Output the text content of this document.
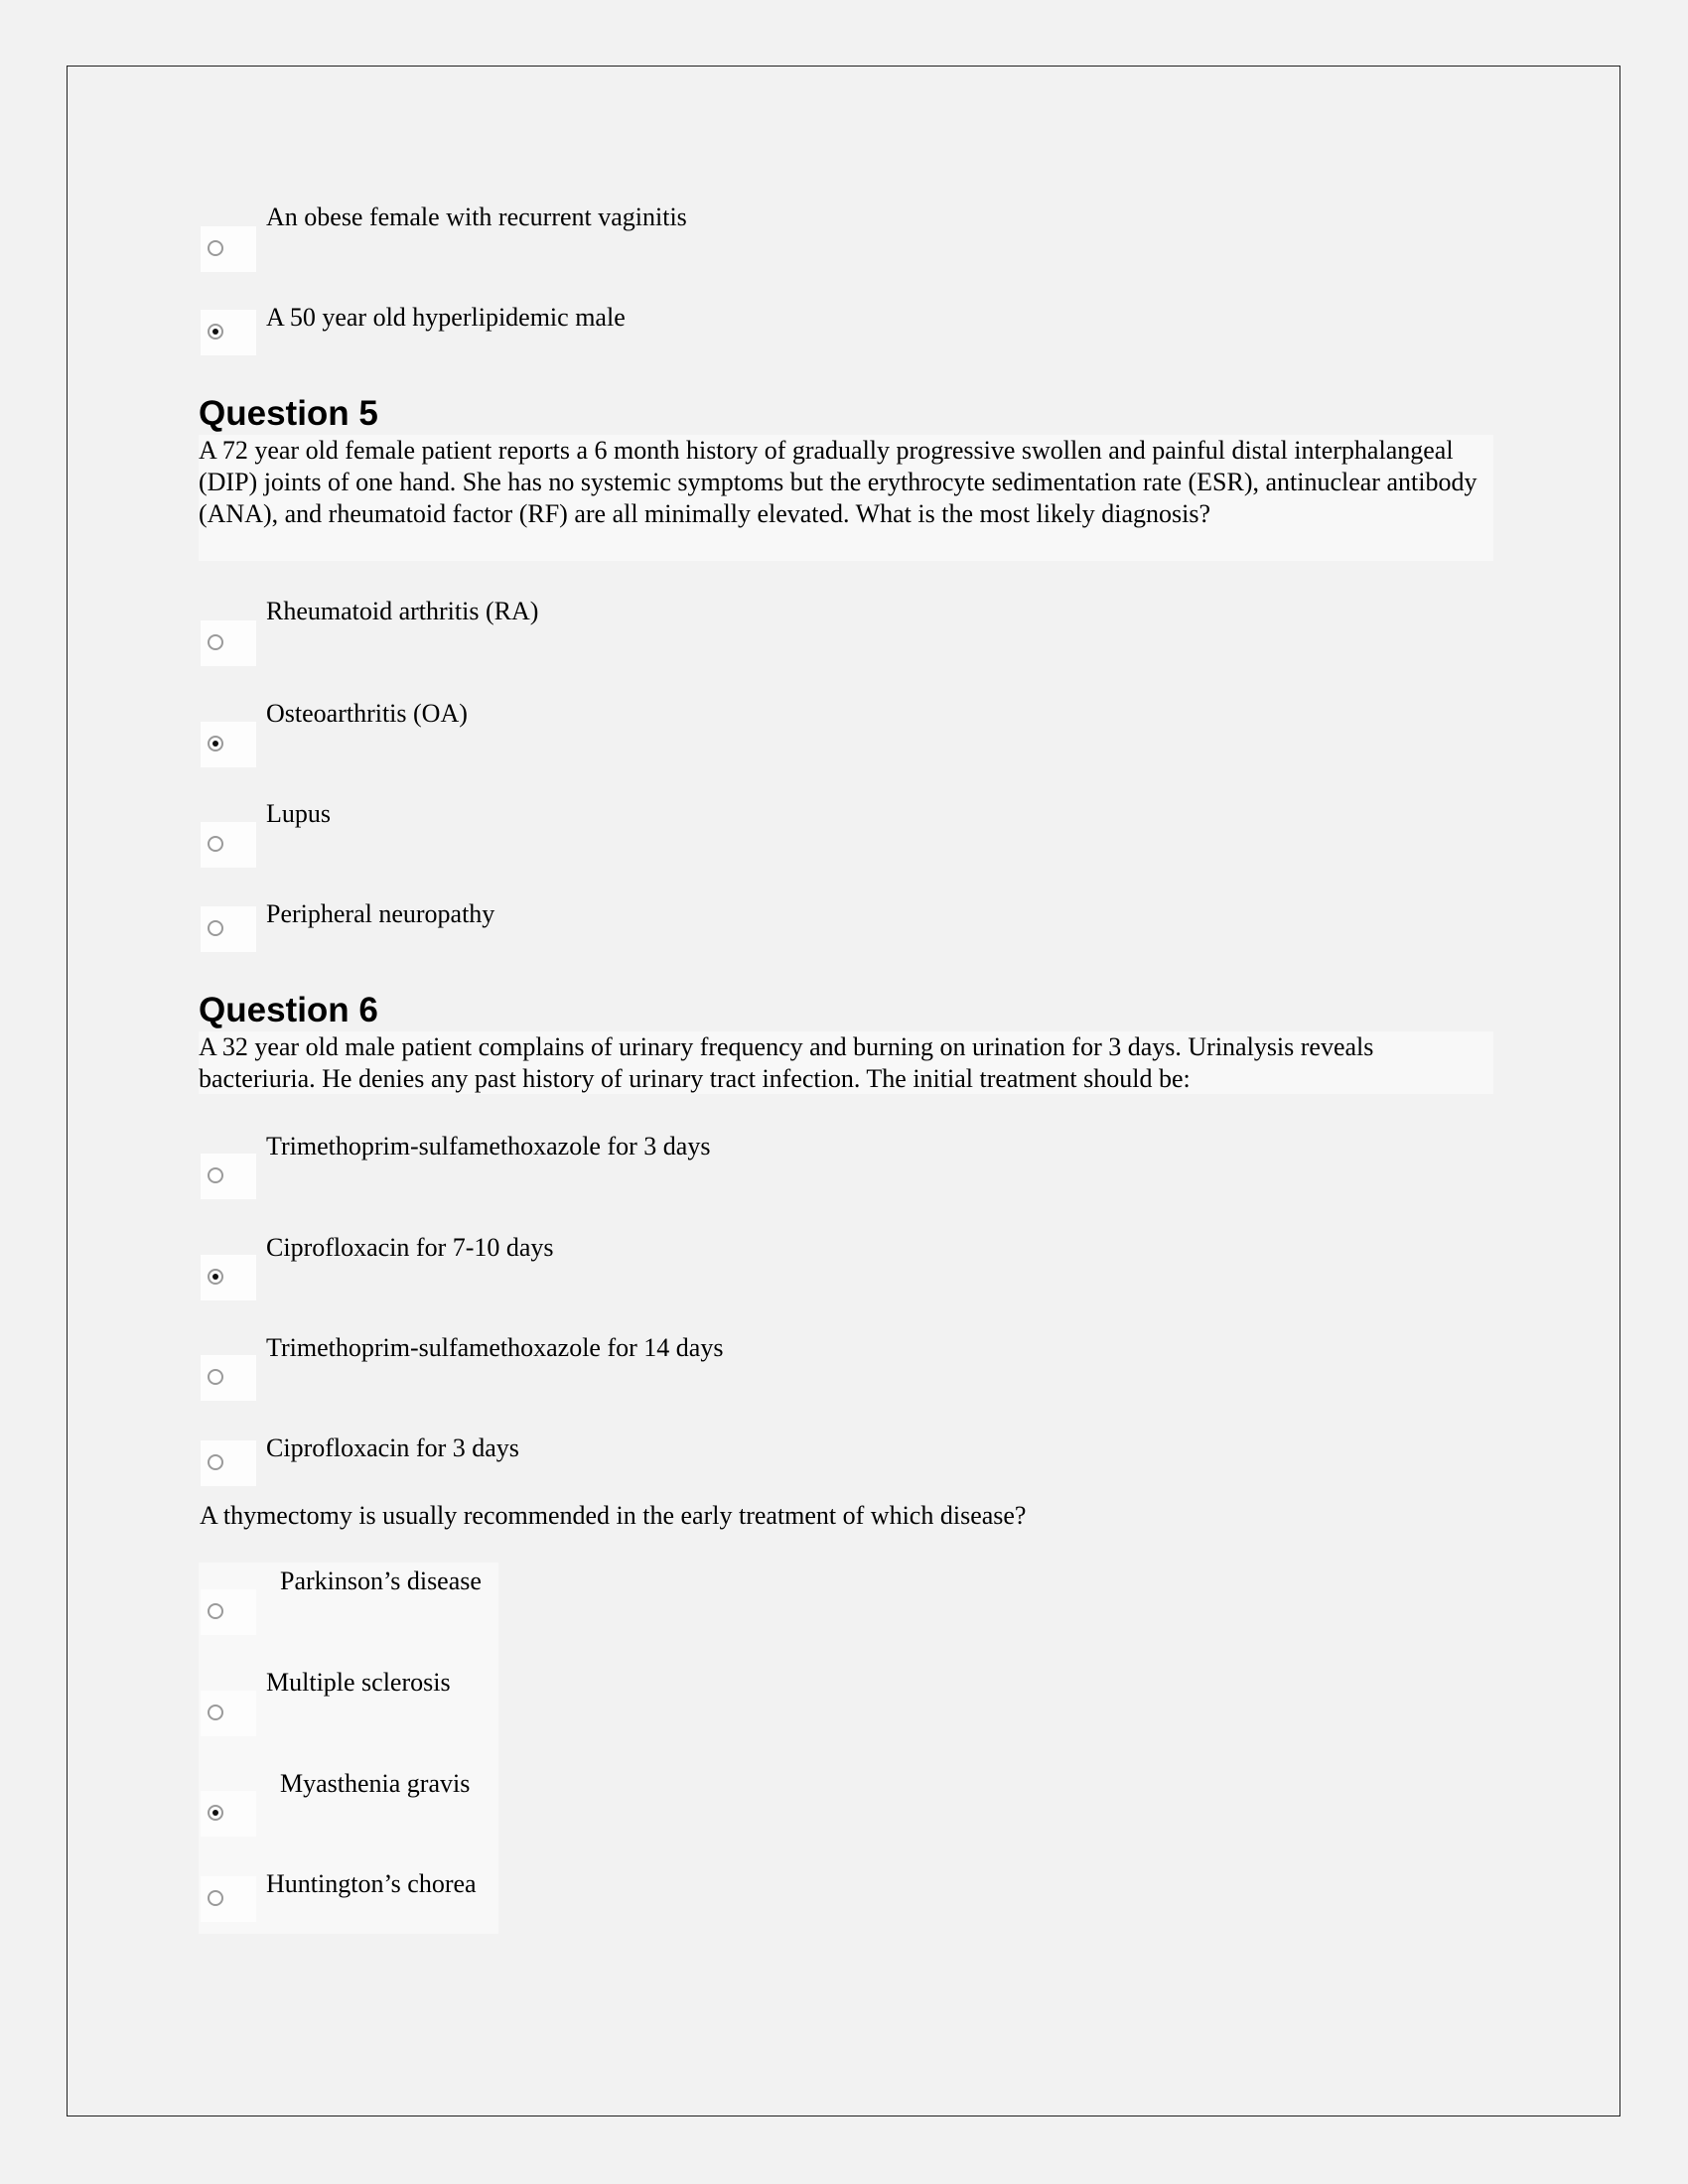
An obese female with recurrent vaginitis
A 50 year old hyperlipidemic male
Question 5
A 72 year old female patient reports a 6 month history of gradually progressive swollen and painful distal interphalangeal (DIP) joints of one hand. She has no systemic symptoms but the erythrocyte sedimentation rate (ESR), antinuclear antibody (ANA), and rheumatoid factor (RF) are all minimally elevated. What is the most likely diagnosis?
Rheumatoid arthritis (RA)
Osteoarthritis (OA)
Lupus
Peripheral neuropathy
Question 6
A 32 year old male patient complains of urinary frequency and burning on urination for 3 days. Urinalysis reveals bacteriuria. He denies any past history of urinary tract infection. The initial treatment should be:
Trimethoprim-sulfamethoxazole for 3 days
Ciprofloxacin for 7-10 days
Trimethoprim-sulfamethoxazole for 14 days
Ciprofloxacin for 3 days
A thymectomy is usually recommended in the early treatment of which disease?
Parkinson’s disease
Multiple sclerosis
Myasthenia gravis
Huntington’s chorea
